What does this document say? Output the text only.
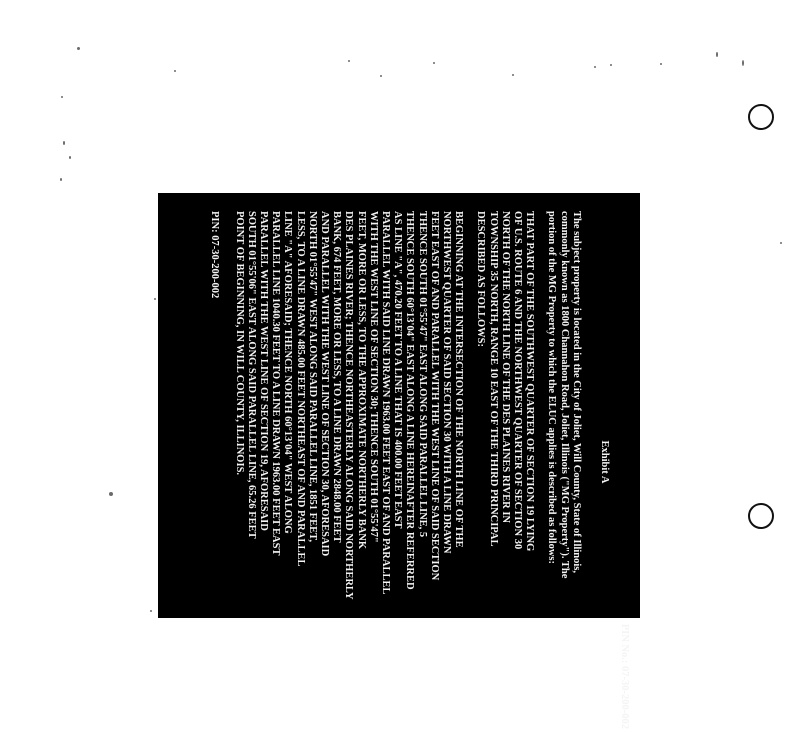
PIN No.: 07-30-200-002
Exhibit A
The subject property is located in the City of Joliet, Will County, State of Illinois,
commonly known as 1800 Channahon Road, Joliet, Illinois ("MG Property"). The
portion of the MG Property to which the ELUC applies is described as follows:
THAT PART OF THE SOUTHWEST QUARTER OF SECTION 19 LYING
OF U.S. ROUTE 6 AND THE NORTHWEST QUARTER OF SECTION 30
NORTH OF THE NORTH LINE OF THE DES PLAINES RIVER IN
TOWNSHIP 35 NORTH, RANGE 10 EAST OF THE THIRD PRINCIPAL
DESCRIBED AS FOLLOWS:
BEGINNING AT THE INTERSECTION OF THE NORTH LINE OF THE
NORTHWEST QUARTER OF SAID SECTION 30 WITH A LINE DRAWN
FEET EAST OF AND PARALLEL WITH THE WEST LINE OF SAID SECTION
THENCE SOUTH 01°55'47" EAST ALONG SAID PARALLEL LINE, 5
THENCE SOUTH 60°13'04" EAST ALONG A LINE HEREINAFTER REFERRED
AS LINE "A", 470.20 FEET TO A LINE THAT IS 400.00 FEET EAST
PARALLEL WITH SAID LINE DRAWN 1963.00 FEET EAST OF AND PARALLEL
WITH THE WEST LINE OF SECTION 30; THENCE SOUTH 01°55'47"
FEET, MORE OR LESS, TO THE APPROXIMATE NORTHERLY BANK
DES PLAINES RIVER; THENCE NORTHEASTERLY ALONG SAID NORTHERLY
BANK, 674 FEET, MORE OR LESS, TO A LINE DRAWN 2848.00 FEET
AND PARALLEL WITH THE WEST LINE OF SECTION 30, AFORESAID
NORTH 01°55'47" WEST ALONG SAID PARALLEL LINE, 1851 FEET,
LESS, TO A LINE DRAWN 485.00 FEET NORTHEAST OF AND PARALLEL
LINE "A" AFORESAID; THENCE NORTH 60°13'04" WEST ALONG
PARALLEL LINE 1040.30 FEET TO A LINE DRAWN 1963.00 FEET EAST
PARALLEL WITH THE WEST LINE OF SECTION 19, AFORESAID
SOUTH 01°55'06" EAST ALONG SAID PARALLEL LINE, 65.26 FEET
POINT OF BEGINNING, IN WILL COUNTY, ILLINOIS.
PIN: 07-30-200-002
